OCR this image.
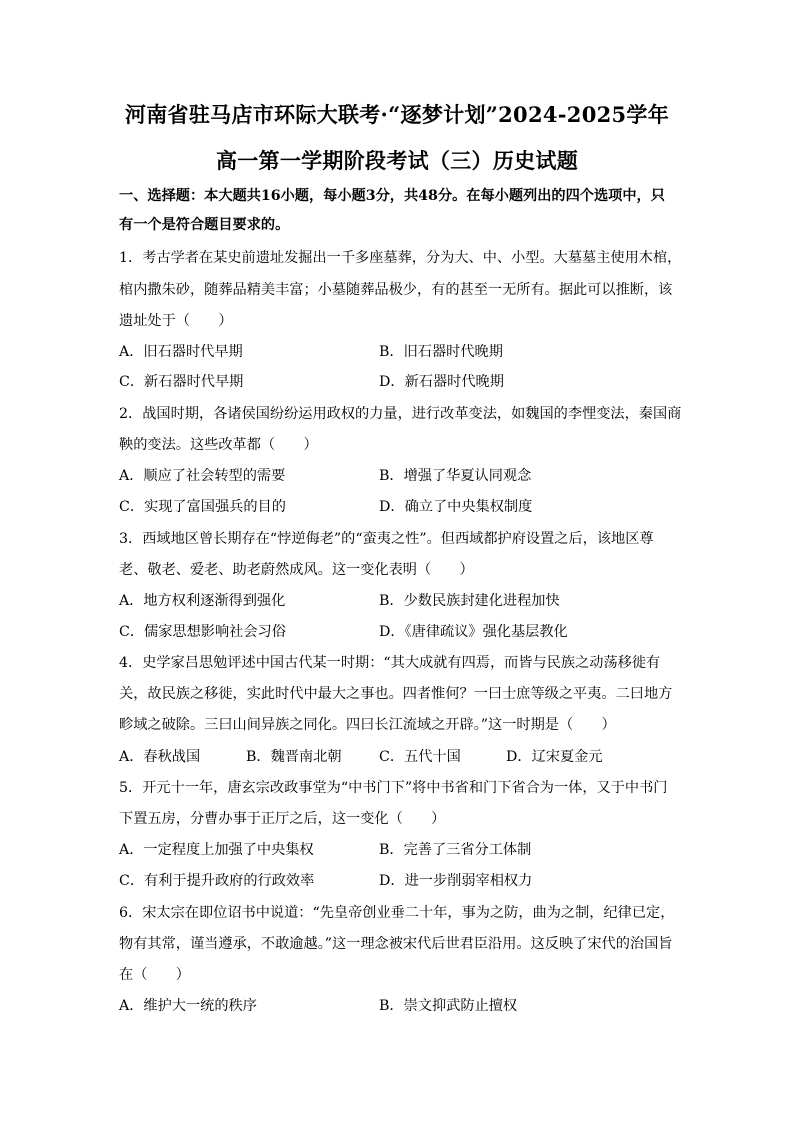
河南省驻马店市环际大联考·“逐梦计划”2024-2025学年
高一第一学期阶段考试（三）历史试题
一、选择题：本大题共16小题，每小题3分，共48分。在每小题列出的四个选项中，只
有一个是符合题目要求的。
1．考古学者在某史前遗址发掘出一千多座墓葬，分为大、中、小型。大墓墓主使用木棺，
棺内撒朱砂，随葬品精美丰富；小墓随葬品极少，有的甚至一无所有。据此可以推断，该
遗址处于（　　）
A．旧石器时代早期	B．旧石器时代晚期
C．新石器时代早期	D．新石器时代晚期
2．战国时期，各诸侯国纷纷运用政权的力量，进行改革变法，如魏国的李悝变法，秦国商
鞅的变法。这些改革都（　　）
A．顺应了社会转型的需要	B．增强了华夏认同观念
C．实现了富国强兵的目的	D．确立了中央集权制度
3．西域地区曾长期存在“悖逆侮老”的“蛮夷之性”。但西域都护府设置之后，该地区尊
老、敬老、爱老、助老蔚然成风。这一变化表明（　　）
A．地方权利逐渐得到强化	B．少数民族封建化进程加快
C．儒家思想影响社会习俗	D．《唐律疏议》强化基层教化
4．史学家吕思勉评述中国古代某一时期：“其大成就有四焉，而皆与民族之动荡移徙有
关，故民族之移徙，实此时代中最大之事也。四者惟何？一曰士庶等级之平夷。二曰地方
畛域之破除。三曰山间异族之同化。四曰长江流域之开辟。”这一时期是（　　）
A．春秋战国	B．魏晋南北朝	C．五代十国	D．辽宋夏金元
5．开元十一年，唐玄宗改政事堂为“中书门下”将中书省和门下省合为一体，又于中书门
下置五房，分曹办事于正厅之后，这一变化（　　）
A．一定程度上加强了中央集权	B．完善了三省分工体制
C．有利于提升政府的行政效率	D．进一步削弱宰相权力
6．宋太宗在即位诏书中说道：“先皇帝创业垂二十年，事为之防，曲为之制，纪律已定，
物有其常，谨当遵承，不敢逾越。”这一理念被宋代后世君臣沿用。这反映了宋代的治国旨
在（　　）
A．维护大一统的秩序	B．崇文抑武防止擅权
